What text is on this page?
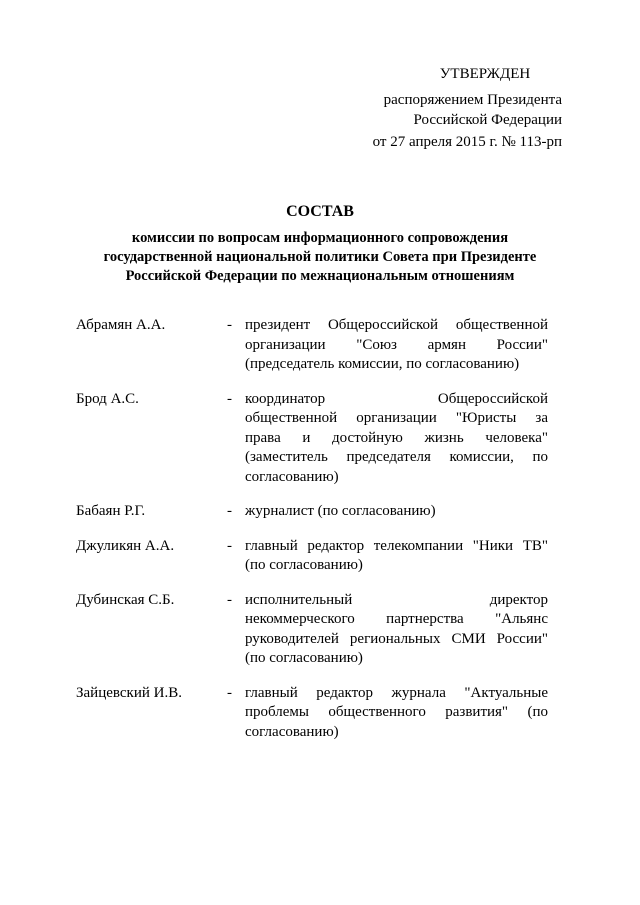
УТВЕРЖДЕН
распоряжением Президента
Российской Федерации
от 27 апреля 2015 г. № 113-рп
СОСТАВ
комиссии по вопросам информационного сопровождения
государственной национальной политики Совета при Президенте
Российской Федерации по межнациональным отношениям
Абрамян А.А.	- президент Общероссийской общественной
организации "Союз армян России"
(председатель комиссии, по согласованию)
Брод А.С.	- координатор Общероссийской
общественной организации "Юристы за
права и достойную жизнь человека"
(заместитель председателя комиссии, по
согласованию)
Бабаян Р.Г.	- журналист (по согласованию)
Джуликян А.А.	- главный редактор телекомпании "Ники ТВ"
(по согласованию)
Дубинская С.Б.	- исполнительный директор
некоммерческого партнерства "Альянс
руководителей региональных СМИ России"
(по согласованию)
Зайцевский И.В.	- главный редактор журнала "Актуальные
проблемы общественного развития" (по
согласованию)
